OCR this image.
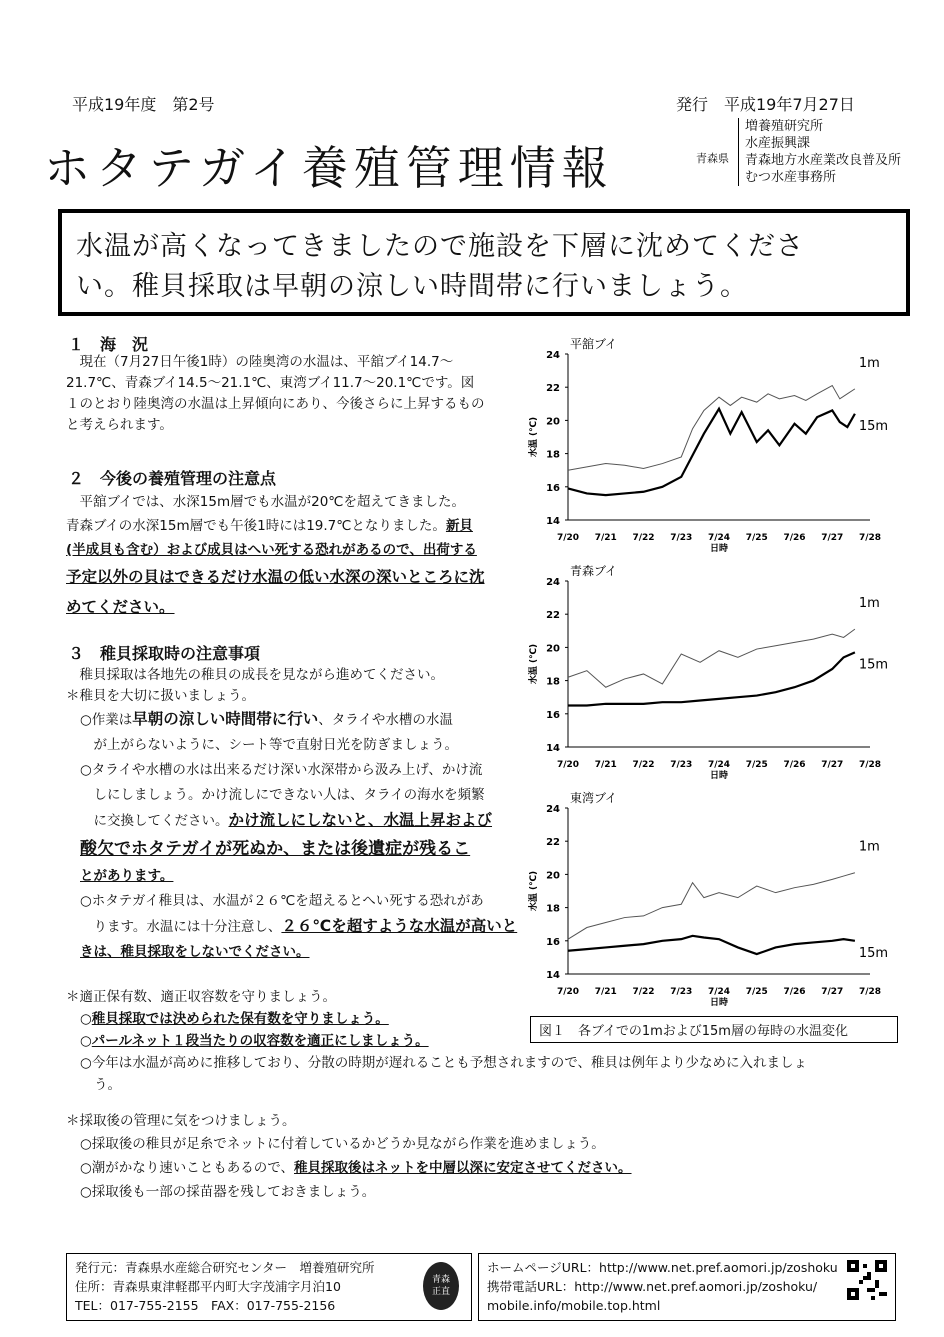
平成19年度　第2号	発行　平成19年7月27日
ホタテガイ養殖管理情報	青森県
増養殖研究所
水産振興課
青森地方水産業改良普及所
むつ水産事務所
水温が高くなってきましたので施設を下層に沈めてくださ
い。稚貝採取は早朝の涼しい時間帯に行いましょう。
１　海　況
　現在（7月27日午後1時）の陸奥湾の水温は、平舘ブイ14.7～
21.7℃、青森ブイ14.5～21.1℃、東湾ブイ11.7～20.1℃です。図
１のとおり陸奥湾の水温は上昇傾向にあり、今後さらに上昇するもの
と考えられます。
２　今後の養殖管理の注意点
　平舘ブイでは、水深15m層でも水温が20℃を超えてきました。
青森ブイの水深15m層でも午後1時には19.7℃となりました。新貝
(半成貝も含む）および成貝はへい死する恐れがあるので、出荷する
予定以外の貝はできるだけ水温の低い水深の深いところに沈
めてください。
３　稚貝採取時の注意事項
　稚貝採取は各地先の稚貝の成長を見ながら進めてください。
＊稚貝を大切に扱いましょう。
○作業は早朝の涼しい時間帯に行い、タライや水槽の水温
　が上がらないように、シート等で直射日光を防ぎましょう。
○タライや水槽の水は出来るだけ深い水深帯から汲み上げ、かけ流
　しにしましょう。かけ流しにできない人は、タライの海水を頻繁
　に交換してください。かけ流しにしないと、水温上昇および
酸欠でホタテガイが死ぬか、または後遺症が残るこ
とがあります。
○ホタテガイ稚貝は、水温が２６℃を超えるとへい死する恐れがあ
　ります。水温には十分注意し、２６℃を超すような水温が高いと
きは、稚貝採取をしないでください。
＊適正保有数、適正収容数を守りましょう。
○稚貝採取では決められた保有数を守りましょう。
○パールネット１段当たりの収容数を適正にしましょう。
○今年は水温が高めに推移しており、分散の時期が遅れることも予想されますので、稚貝は例年より少なめに入れましょ
う。
＊採取後の管理に気をつけましょう。
○採取後の稚貝が足糸でネットに付着しているかどうか見ながら作業を進めましょう。
○潮がかなり速いこともあるので、稚貝採取後はネットを中層以深に安定させてください。
○採取後も一部の採苗器を残しておきましょう。
平舘ブイ
24
22
20
18
16
14
7/20 7/21 7/22 7/23 7/24 7/25 7/26 7/27 7/28
日時
水温 (℃)
1m
15m
青森ブイ
24
22
20
18
16
14
7/20 7/21 7/22 7/23 7/24 7/25 7/26 7/27 7/28
日時
水温 (℃)
1m
15m
東湾ブイ
24
22
20
18
16
14
7/20 7/21 7/22 7/23 7/24 7/25 7/26 7/27 7/28
日時
水温 (℃)
1m
15m
図１　各ブイでの1mおよび15m層の毎時の水温変化
発行元：青森県水産総合研究センター　増養殖研究所
住所：青森県東津軽郡平内町大字茂浦字月泊10
TEL：017-755-2155　FAX：017-755-2156
青森
正直
ホームページURL：http://www.net.pref.aomori.jp/zoshoku
携帯電話URL：http://www.net.pref.aomori.jp/zoshoku/
mobile.info/mobile.top.html
